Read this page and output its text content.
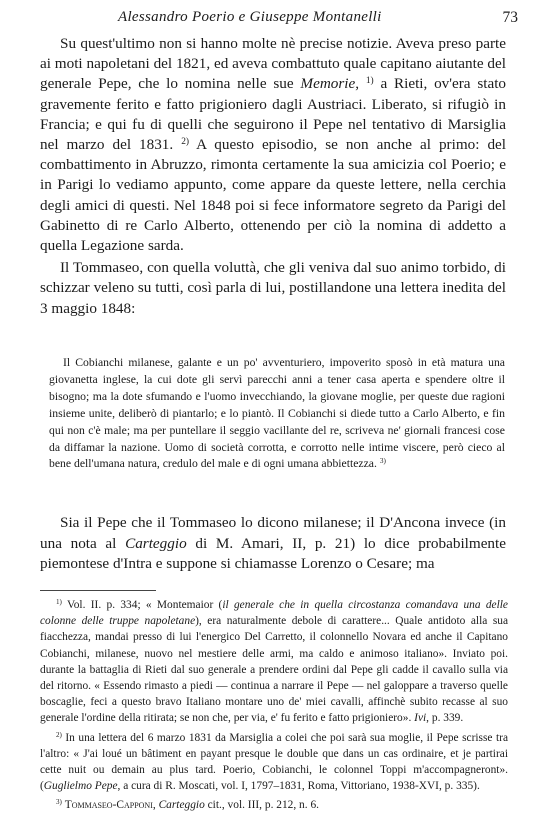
Alessandro Poerio e Giuseppe Montanelli	73

Su quest'ultimo non si hanno molte nè precise notizie. Aveva preso parte ai moti napoletani del 1821, ed aveva combattuto quale capitano aiutante del generale Pepe, che lo nomina nelle sue Memorie, $^{1)}$ a Rieti, ov'era stato gravemente ferito e fatto prigioniero dagli Austriaci. Liberato, si rifugiò in Francia; e qui fu di quelli che seguirono il Pepe nel tentativo di Marsiglia nel marzo del 1831. $^{2)}$ A questo episodio, se non anche al primo: del combattimento in Abruzzo, rimonta certamente la sua amicizia col Poerio; e in Parigi lo vediamo appunto, come appare da queste lettere, nella cerchia degli amici di questi. Nel 1848 poi si fece informatore segreto da Parigi del Gabinetto di re Carlo Alberto, ottenendo per ciò la nomina di addetto a quella Legazione sarda.

Il Tommaseo, con quella voluttà, che gli veniva dal suo animo torbido, di schizzar veleno su tutti, così parla di lui, postillandone una lettera inedita del 3 maggio 1848:

Il Cobianchi milanese, galante e un po' avventuriero, impoverito sposò in età matura una giovanetta inglese, la cui dote gli servì parecchi anni a tener casa aperta e spendere oltre il bisogno; ma la dote sfumando e l'uomo invecchiando, la giovane moglie, per queste due ragioni insieme unite, deliberò di piantarlo; e lo piantò. Il Cobianchi si diede tutto a Carlo Alberto, e fin qui non c'è male; ma per puntellare il seggio vacillante del re, scriveva ne' giornali francesi cose da diffamar la nazione. Uomo di società corrotta, e corrotto nelle intime viscere, però cieco al bene dell'umana natura, credulo del male e di ogni umana abbiettezza. $^{3)}$

Sia il Pepe che il Tommaseo lo dicono milanese; il D'Ancona invece (in una nota al Carteggio di M. Amari, II, p. 21) lo dice probabilmente piemontese d'Intra e suppone si chiamasse Lorenzo o Cesare; ma

$^{1)}$ Vol. II. p. 334; « Montemaior (il generale che in quella circostanza comandava una delle colonne delle truppe napoletane), era naturalmente debole di carattere... Quale antidoto alla sua fiacchezza, mandai presso di lui l'energico Del Carretto, il colonnello Novara ed anche il Capitano Cobianchi, milanese, nuovo nel mestiere delle armi, ma caldo e animoso italiano». Inviato poi. durante la battaglia di Rieti dal suo generale a prendere ordini dal Pepe gli cadde il cavallo sulla via del ritorno. « Essendo rimasto a piedi — continua a narrare il Pepe — nel galoppare a traverso quelle boscaglie, feci a questo bravo Italiano montare uno de' miei cavalli, affinchè subito recasse al suo generale l'ordine della ritirata; se non che, per via, e' fu ferito e fatto prigioniero». Ivi, p. 339.

$^{2)}$ In una lettera del 6 marzo 1831 da Marsiglia a colei che poi sarà sua moglie, il Pepe scrisse tra l'altro: « J'ai loué un bâtiment en payant presque le double que dans un cas ordinaire, et je partirai cette nuit ou demain au plus tard. Poerio, Cobianchi, le colonnel Toppi m'accompagneront». (Guglielmo Pepe, a cura di R. Moscati, vol. I, 1797–1831, Roma, Vittoriano, 1938-XVI, p. 335).

$^{3)}$ Tommaseo-Capponi, Carteggio cit., vol. III, p. 212, n. 6.
